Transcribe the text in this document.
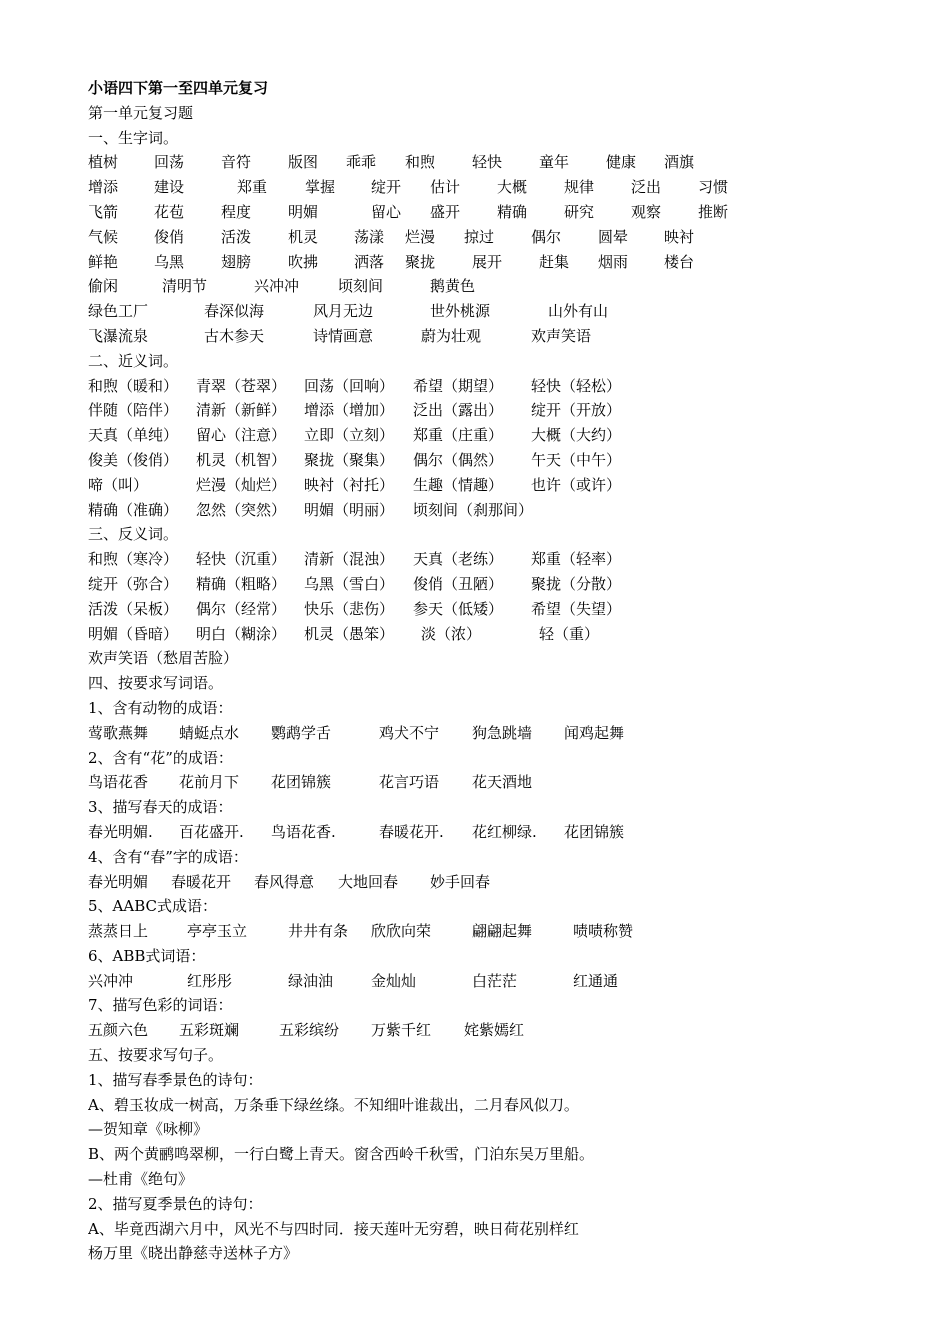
小语四下第一至四单元复习
第一单元复习题
一、生字词。
植树 回荡 音符 版图 乖乖 和煦 轻快 童年 健康 酒旗
增添 建设	郑重	掌握 绽开 估计 大概 规律 泛出 习惯
飞箭 花苞 程度 明媚	留心 盛开 精确 研究 观察 推断
气候 俊俏 活泼 机灵 荡漾 烂漫 掠过 偶尔 圆晕 映衬
鲜艳 乌黑 翅膀 吹拂 洒落 聚拢 展开 赶集 烟雨 楼台
偷闲	清明节	兴冲冲	顷刻间	鹅黄色
绿色工厂	春深似海	风月无边	世外桃源	山外有山
飞瀑流泉	古木参天	诗情画意	蔚为壮观	欢声笑语
二、近义词。
和煦（暖和） 青翠（苍翠） 回荡（回响） 希望（期望） 轻快（轻松）
伴随（陪伴） 清新（新鲜） 增添（增加） 泛出（露出） 绽开（开放）
天真（单纯） 留心（注意） 立即（立刻） 郑重（庄重） 大概（大约）
俊美（俊俏） 机灵（机智） 聚拢（聚集） 偶尔（偶然） 午天（中午）
啼（叫）	烂漫（灿烂） 映衬（衬托） 生趣（情趣） 也许（或许）
精确（准确） 忽然（突然） 明媚（明丽） 顷刻间（刹那间）
三、反义词。
和煦（寒冷） 轻快（沉重） 清新（混浊） 天真（老练） 郑重（轻率）
绽开（弥合） 精确（粗略） 乌黑（雪白） 俊俏（丑陋） 聚拢（分散）
活泼（呆板） 偶尔（经常） 快乐（悲伤） 参天（低矮） 希望（失望）
明媚（昏暗） 明白（糊涂） 机灵（愚笨） 淡（浓）	轻（重）
欢声笑语（愁眉苦脸）
四、按要求写词语。
1、含有动物的成语：
莺歌燕舞 蜻蜓点水 鹦鹉学舌	鸡犬不宁 狗急跳墙 闻鸡起舞
2、含有“花”的成语：
鸟语花香 花前月下 花团锦簇	花言巧语 花天酒地
3、描写春天的成语：
春光明媚. 百花盛开. 鸟语花香.	春暖花开. 花红柳绿. 花团锦簇
4、含有“春”字的成语：
春光明媚 春暖花开 春风得意 大地回春 妙手回春
5、AABC式成语：
蒸蒸日上	亭亭玉立	井井有条 欣欣向荣	翩翩起舞	啧啧称赞
6、ABB式词语：
兴冲冲	红彤彤	绿油油	金灿灿	白茫茫	红通通
7、描写色彩的词语：
五颜六色 五彩斑斓	五彩缤纷 万紫千红 姹紫嫣红
五、按要求写句子。
1、描写春季景色的诗句：
A、碧玉妆成一树高，万条垂下绿丝绦。不知细叶谁裁出，二月春风似刀。
—贺知章《咏柳》
B、两个黄鹂鸣翠柳，一行白鹭上青天。窗含西岭千秋雪，门泊东吴万里船。
—杜甫《绝句》
2、描写夏季景色的诗句：
A、毕竟西湖六月中，风光不与四时同．接天莲叶无穷碧，映日荷花别样红
杨万里《晓出静慈寺送林子方》
